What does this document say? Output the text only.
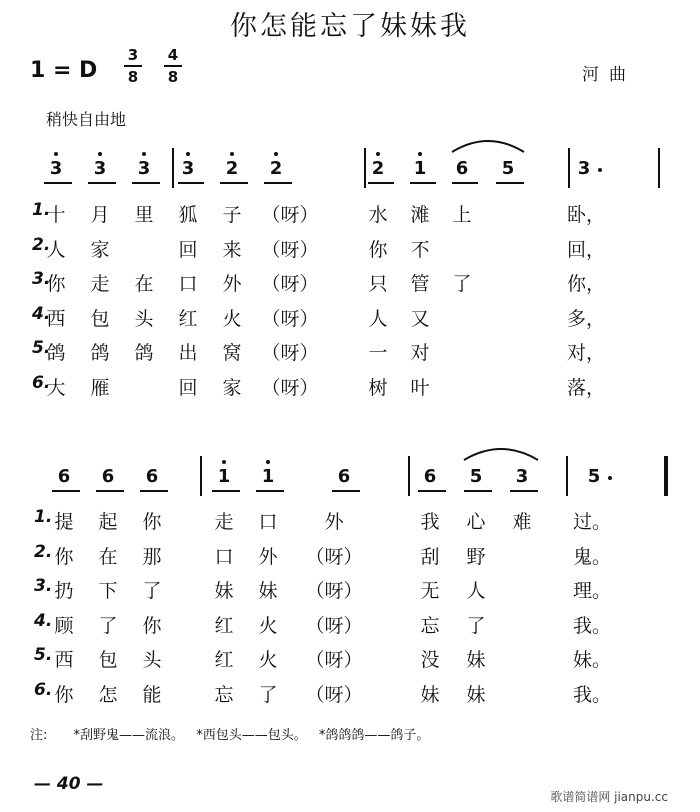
你怎能忘了妹妹我
1 = D
3
8
4
8	河曲
稍快自由地
3 3 3 3 2 2	2 1 6 5	3
1.
十	月	里	狐	子	（呀）	水	滩	上	卧，
2.
人	家	回	来	（呀）	你	不	回，
3.
你	走	在	口	外	（呀）	只	管	了	你，
4.
西	包	头	红	火	（呀）	人	又	多，
5.
鸽	鸽	鸽	出	窝	（呀）	一	对	对，
6.
大	雁	回	家	（呀）	树	叶	落，
6 6 6	1 1	6	6 5 3	5
1. 提	起	你	走	口	外	我	心	难	过。
2. 你	在	那	口	外	（呀）	刮	野	鬼。
3. 扔	下	了	妹	妹	（呀）	无	人	理。
4. 顾	了	你	红	火	（呀）	忘	了	我。
5. 西	包	头	红	火	（呀）	没	妹	妹。
6. 你	怎	能	忘	了	（呀）	妹	妹	我。
注: *刮野鬼——流浪。 *西包头——包头。 *鸽鸽鸽——鸽子。
— 40 —
歌谱简谱网 jianpu.cc
